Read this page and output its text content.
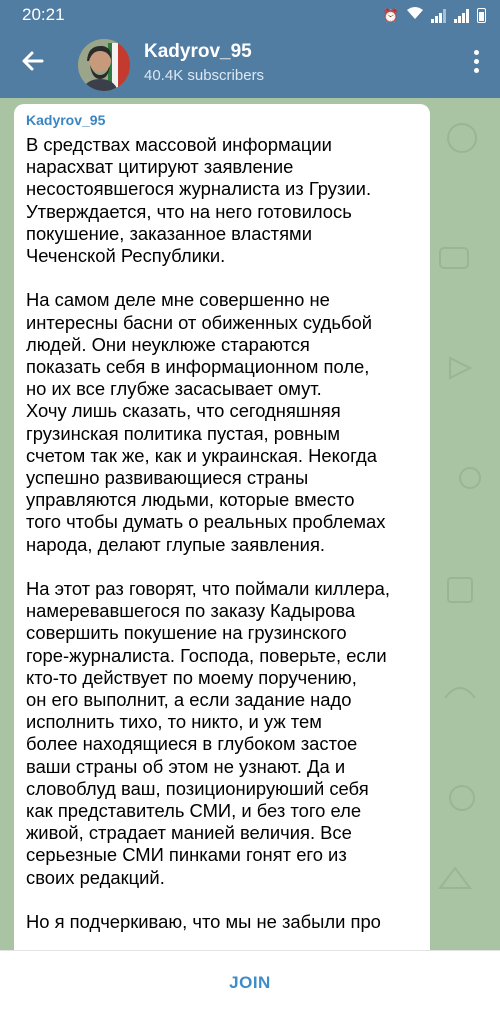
20:21	⏰
Kadyrov_95
40.4K subscribers
Kadyrov_95

В средствах массовой информации

нарасхват цитируют заявление

несостоявшегося журналиста из Грузии.

Утверждается, что на него готовилось

покушение, заказанное властями

Чеченской Республики.

На самом деле мне совершенно не

интересны басни от обиженных судьбой

людей. Они неуклюже стараются

показать себя в информационном поле,

но их все глубже засасывает омут.

Хочу лишь сказать, что сегодняшняя

грузинская политика пустая, ровным

счетом так же, как и украинская. Некогда

успешно развивающиеся страны

управляются людьми, которые вместо

того чтобы думать о реальных проблемах

народа, делают глупые заявления.

На этот раз говорят, что поймали киллера,

намеревавшегося по заказу Кадырова

совершить покушение на грузинского

горе-журналиста. Господа, поверьте, если

кто-то действует по моему поручению,

он его выполнит, а если задание надо

исполнить тихо, то никто, и уж тем

более находящиеся в глубоком застое

ваши страны об этом не узнают. Да и

словоблуд ваш, позиционируюший себя

как представитель СМИ, и без того еле

живой, страдает манией величия. Все

серьезные СМИ пинками гонят его из

своих редакций.

Но я подчеркиваю, что мы не забыли про

JOIN
